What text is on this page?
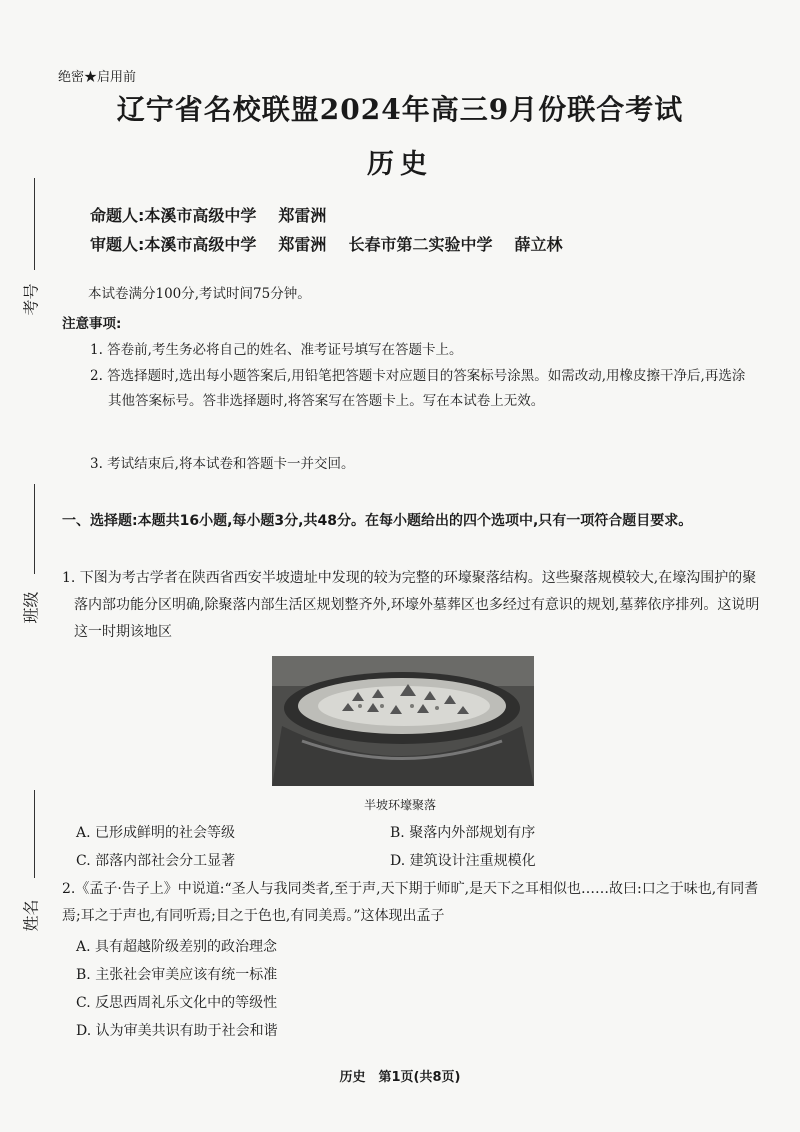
考号
班级
姓名
绝密★启用前
辽宁省名校联盟2024年高三9月份联合考试
历史
命题人:本溪市高级中学 郑雷洲
审题人:本溪市高级中学 郑雷洲 长春市第二实验中学 薛立林
本试卷满分100分,考试时间75分钟。
注意事项:
1. 答卷前,考生务必将自己的姓名、准考证号填写在答题卡上。
2. 答选择题时,选出每小题答案后,用铅笔把答题卡对应题目的答案标号涂黑。如需改动,用橡皮擦干净后,再选涂其他答案标号。答非选择题时,将答案写在答题卡上。写在本试卷上无效。
3. 考试结束后,将本试卷和答题卡一并交回。
一、选择题:本题共16小题,每小题3分,共48分。在每小题给出的四个选项中,只有一项符合题目要求。
1. 下图为考古学者在陕西省西安半坡遗址中发现的较为完整的环壕聚落结构。这些聚落规模较大,在壕沟围护的聚落内部功能分区明确,除聚落内部生活区规划整齐外,环壕外墓葬区也多经过有意识的规划,墓葬依序排列。这说明这一时期该地区
半坡环壕聚落
A. 已形成鲜明的社会等级	B. 聚落内外部规划有序
C. 部落内部社会分工显著	D. 建筑设计注重规模化
2.《孟子·告子上》中说道:“圣人与我同类者,至于声,天下期于师旷,是天下之耳相似也……故曰:口之于味也,有同耆焉;耳之于声也,有同听焉;目之于色也,有同美焉。”这体现出孟子
A. 具有超越阶级差别的政治理念
B. 主张社会审美应该有统一标准
C. 反思西周礼乐文化中的等级性
D. 认为审美共识有助于社会和谐
历史　第1页(共8页)
